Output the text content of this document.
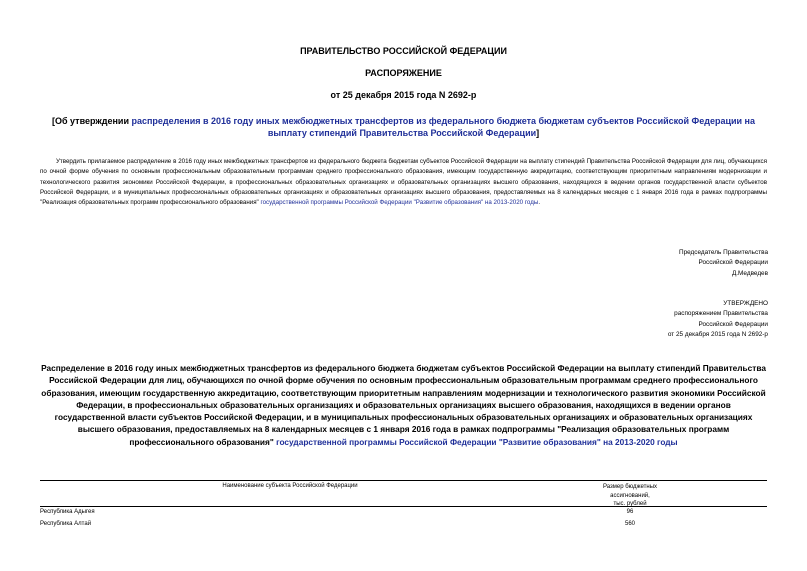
ПРАВИТЕЛЬСТВО РОССИЙСКОЙ ФЕДЕРАЦИИ
РАСПОРЯЖЕНИЕ
от 25 декабря 2015 года N 2692-р
[Об утверждении распределения в 2016 году иных межбюджетных трансфертов из федерального бюджета бюджетам субъектов Российской Федерации на выплату стипендий Правительства Российской Федерации]
Утвердить прилагаемое распределение в 2016 году иных межбюджетных трансфертов из федерального бюджета бюджетам субъектов Российской Федерации на выплату стипендий Правительства Российской Федерации для лиц, обучающихся по очной форме обучения по основным профессиональным образовательным программам среднего профессионального образования, имеющим государственную аккредитацию, соответствующим приоритетным направлениям модернизации и технологического развития экономики Российской Федерации, в профессиональных образовательных организациях и образовательных организациях высшего образования, находящихся в ведении органов государственной власти субъектов Российской Федерации, и в муниципальных профессиональных образовательных организациях и образовательных организациях высшего образования, предоставляемых на 8 календарных месяцев с 1 января 2016 года в рамках подпрограммы "Реализация образовательных программ профессионального образования" государственной программы Российской Федерации "Развитие образования" на 2013-2020 годы.
Председатель Правительства
Российской Федерации
Д.Медведев
УТВЕРЖДЕНО
распоряжением Правительства
Российской Федерации
от 25 декабря 2015 года N 2692-р
Распределение в 2016 году иных межбюджетных трансфертов из федерального бюджета бюджетам субъектов Российской Федерации на выплату стипендий Правительства Российской Федерации для лиц, обучающихся по очной форме обучения по основным профессиональным образовательным программам среднего профессионального образования, имеющим государственную аккредитацию, соответствующим приоритетным направлениям модернизации и технологического развития экономики Российской Федерации, в профессиональных образовательных организациях и образовательных организациях высшего образования, находящихся в ведении органов государственной власти субъектов Российской Федерации, и в муниципальных профессиональных образовательных организациях и образовательных организациях высшего образования, предоставляемых на 8 календарных месяцев с 1 января 2016 года в рамках подпрограммы "Реализация образовательных программ профессионального образования" государственной программы Российской Федерации "Развитие образования" на 2013-2020 годы
Наименование субъекта Российской Федерации	Размер бюджетных
ассигнований,
тыс. рублей
Республика Адыгея	96
Республика Алтай	560
